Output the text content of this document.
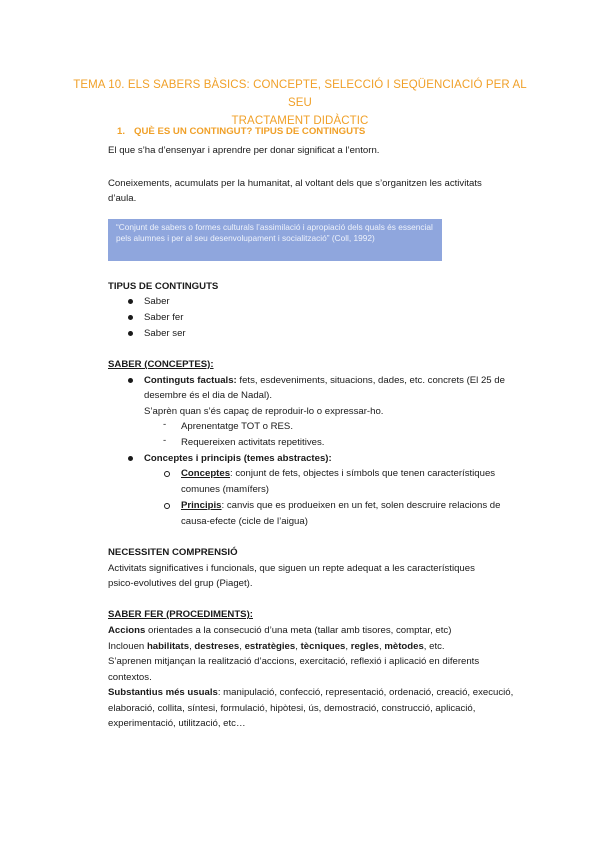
TEMA 10. ELS SABERS BÀSICS: CONCEPTE, SELECCIÓ I SEQÜENCIACIÓ PER AL SEU
TRACTAMENT DIDÀCTIC
1. QUÈ ES UN CONTINGUT? TIPUS DE CONTINGUTS
El que s’ha d’ensenyar i aprendre per donar significat a l’entorn.
Coneixements, acumulats per la humanitat, al voltant dels que s’organitzen les activitats
d’aula.
“Conjunt de sabers o formes culturals l’assimilació i apropiació dels quals és essencial pels alumnes i per al seu desenvolupament i socialització” (Coll, 1992)
TIPUS DE CONTINGUTS
Saber
Saber fer
Saber ser
SABER (CONCEPTES):
Continguts factuals: fets, esdeveniments, situacions, dades, etc. concrets (El 25 de
desembre és el dia de Nadal).
S’aprèn quan s’és capaç de reproduir-lo o expressar-ho.
- Aprenentatge TOT o RES.
- Requereixen activitats repetitives.
Conceptes i principis (temes abstractes):
Conceptes: conjunt de fets, objectes i símbols que tenen característiques
comunes (mamífers)
Principis: canvis que es produeixen en un fet, solen descruire relacions de
causa-efecte (cicle de l’aigua)
NECESSITEN COMPRENSIÓ
Activitats significatives i funcionals, que siguen un repte adequat a les característiques
psico-evolutives del grup (Piaget).
SABER FER (PROCEDIMENTS):
Accions orientades a la consecució d’una meta (tallar amb tisores, comptar, etc)
Inclouen habilitats, destreses, estratègies, tècniques, regles, mètodes, etc.
S’aprenen mitjançan la realització d’accions, exercitació, reflexió i aplicació en diferents
contextos.
Substantius més usuals: manipulació, confecció, representació, ordenació, creació, execució,
elaboració, collita, síntesi, formulació, hipòtesi, ús, demostració, construcció, aplicació,
experimentació, utilització, etc…
